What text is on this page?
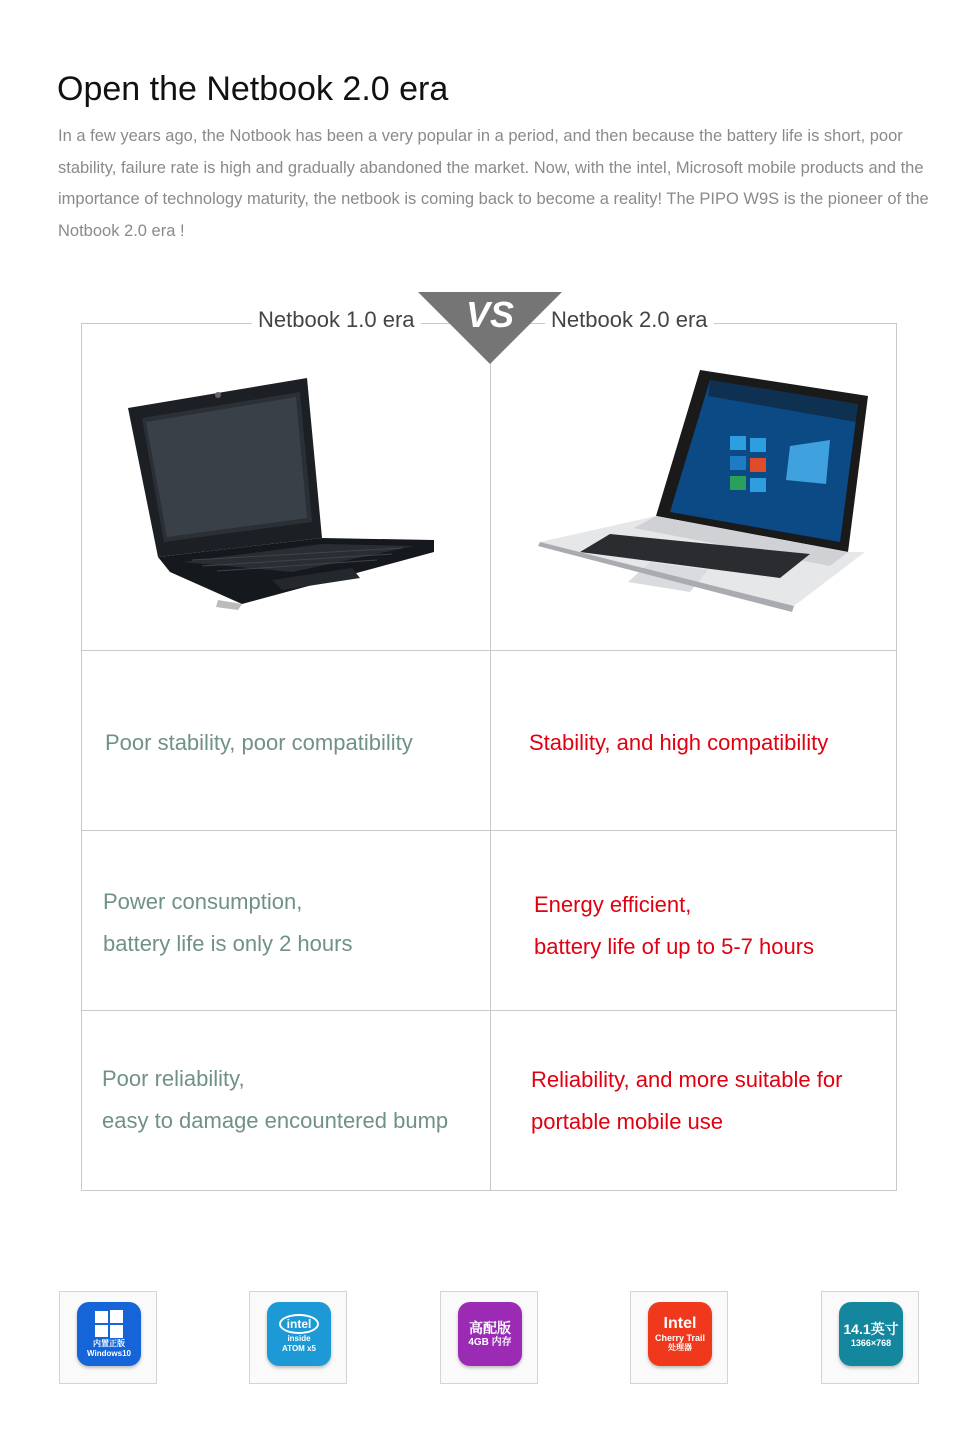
Open the Netbook 2.0 era

In a few years ago, the Notbook has been a very popular in a period, and then because the battery life is short, poor stability, failure rate is high and gradually abandoned the market. Now, with the intel, Microsoft mobile products and the importance of technology maturity, the netbook is coming back to become a reality! The PIPO W9S is the pioneer of the Notbook 2.0 era !

Netbook 1.0 era	Netbook 2.0 era
VS
Poor stability, poor compatibility	Stability, and high compatibility
Power consumption,
battery life is only 2 hours
Energy efficient,
battery life of up to 5-7 hours
Poor reliability,
easy to damage encountered bump
Reliability, and more suitable for
portable mobile use
内置正版
Windows10
intel
inside
ATOM x5
高配版
4GB 内存
Intel
Cherry Trail
处理器
14.1英寸
1366×768
